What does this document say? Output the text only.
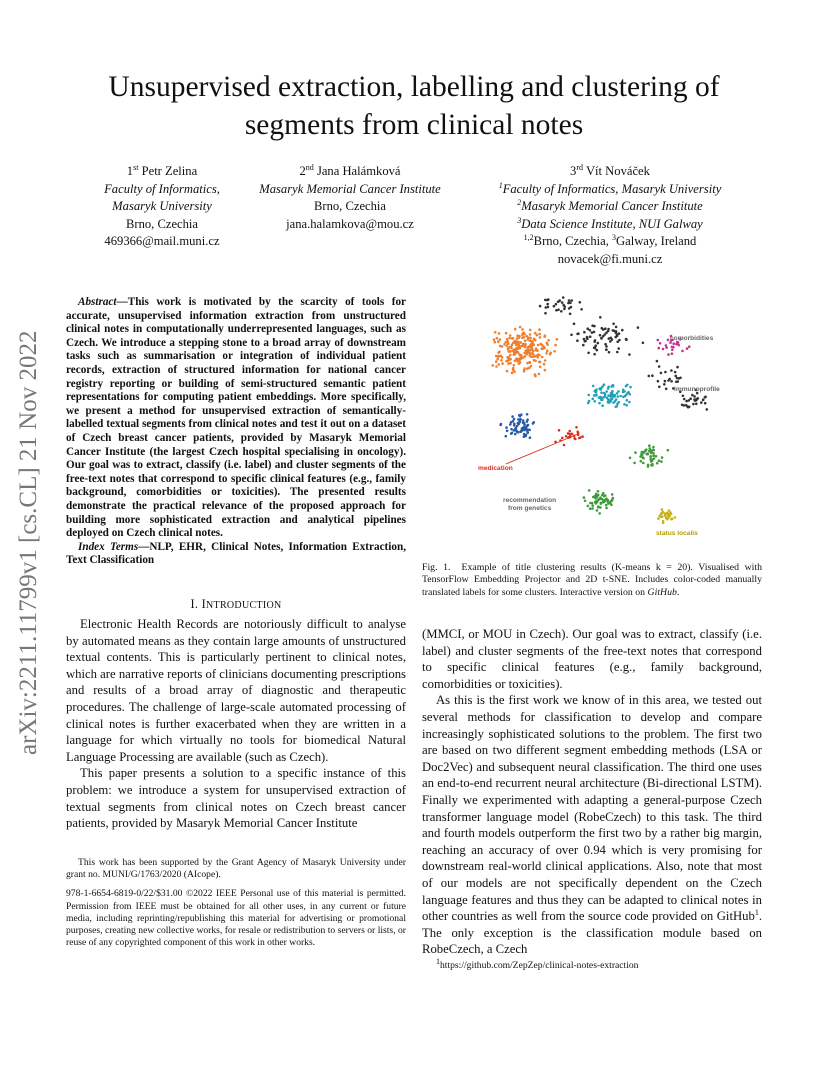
arXiv:2211.11799v1 [cs.CL] 21 Nov 2022
Unsupervised extraction, labelling and clustering of
segments from clinical notes
1st Petr Zelina
Faculty of Informatics,
Masaryk University
Brno, Czechia
469366@mail.muni.cz
2nd Jana Halámková
Masaryk Memorial Cancer Institute
Brno, Czechia
jana.halamkova@mou.cz
3rd Vít Nováček
$^1$Faculty of Informatics, Masaryk University
$^2$Masaryk Memorial Cancer Institute
$^3$Data Science Institute, NUI Galway
$^{1,2}$Brno, Czechia, $^3$Galway, Ireland
novacek@fi.muni.cz

Abstract—This work is motivated by the scarcity of tools for accurate, unsupervised information extraction from unstructured clinical notes in computationally underrepresented languages, such as Czech. We introduce a stepping stone to a broad array of downstream tasks such as summarisation or integration of individual patient records, extraction of structured information for national cancer registry reporting or building of semi-structured semantic patient representations for computing patient embeddings. More specifically, we present a method for unsupervised extraction of semantically-labelled textual segments from clinical notes and test it out on a dataset of Czech breast cancer patients, provided by Masaryk Memorial Cancer Institute (the largest Czech hospital specialising in oncology). Our goal was to extract, classify (i.e. label) and cluster segments of the free-text notes that correspond to specific clinical features (e.g., family background, comorbidities or toxicities). The presented results demonstrate the practical relevance of the proposed approach for building more sophisticated extraction and analytical pipelines deployed on Czech clinical notes.

Index Terms—NLP, EHR, Clinical Notes, Information Extraction, Text Classification

I. INTRODUCTION

Electronic Health Records are notoriously difficult to analyse by automated means as they contain large amounts of unstructured textual contents. This is particularly pertinent to clinical notes, which are narrative reports of clinicians documenting prescriptions and results of a broad array of diagnostic and therapeutic procedures. The challenge of large-scale automated processing of clinical notes is further exacerbated when they are written in a language for which virtually no tools for biomedical Natural Language Processing are available (such as Czech).

This paper presents a solution to a specific instance of this problem: we introduce a system for unsupervised extraction of textual segments from clinical notes on Czech breast cancer patients, provided by Masaryk Memorial Cancer Institute

This work has been supported by the Grant Agency of Masaryk University under grant no. MUNI/G/1763/2020 (AIcope).

978-1-6654-6819-0/22/$31.00 ©2022 IEEE Personal use of this material is permitted. Permission from IEEE must be obtained for all other uses, in any current or future media, including reprinting/republishing this material for advertising or promotional purposes, creating new collective works, for resale or redistribution to servers or lists, or reuse of any copyrighted component of this work in other works.

comorbidities
immunoprofile
medication
recommendation
from genetics
status localis
Fig. 1. Example of title clustering results (K-means k = 20). Visualised with TensorFlow Embedding Projector and 2D t-SNE. Includes color-coded manually translated labels for some clusters. Interactive version on GitHub.

(MMCI, or MOU in Czech). Our goal was to extract, classify (i.e. label) and cluster segments of the free-text notes that correspond to specific clinical features (e.g., family background, comorbidities or toxicities).

As this is the first work we know of in this area, we tested out several methods for classification to develop and compare increasingly sophisticated solutions to the problem. The first two are based on two different segment embedding methods (LSA or Doc2Vec) and subsequent neural classification. The third one uses an end-to-end recurrent neural architecture (Bi-directional LSTM). Finally we experimented with adapting a general-purpose Czech transformer language model (RobeCzech) to this task. The third and fourth models outperform the first two by a rather big margin, reaching an accuracy of over 0.94 which is very promising for downstream real-world clinical applications. Also, note that most of our models are not specifically dependent on the Czech language features and thus they can be adapted to clinical notes in other countries as well from the source code provided on GitHub$^1$. The only exception is the classification module based on RobeCzech, a Czech

$^1$https://github.com/ZepZep/clinical-notes-extraction
